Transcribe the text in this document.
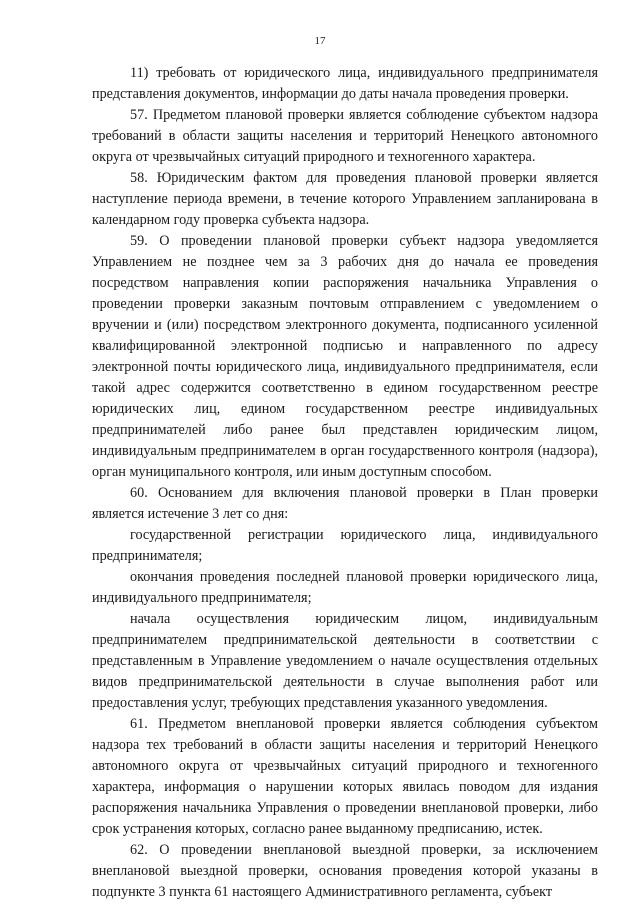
17

11) требовать от юридического лица, индивидуального предпринимателя представления документов, информации до даты начала проведения проверки.

57. Предметом плановой проверки является соблюдение субъектом надзора требований в области защиты населения и территорий Ненецкого автономного округа от чрезвычайных ситуаций природного и техногенного характера.

58. Юридическим фактом для проведения плановой проверки является наступление периода времени, в течение которого Управлением запланирована в календарном году проверка субъекта надзора.

59. О проведении плановой проверки субъект надзора уведомляется Управлением не позднее чем за 3 рабочих дня до начала ее проведения посредством направления копии распоряжения начальника Управления о проведении проверки заказным почтовым отправлением с уведомлением о вручении и (или) посредством электронного документа, подписанного усиленной квалифицированной электронной подписью и направленного по адресу электронной почты юридического лица, индивидуального предпринимателя, если такой адрес содержится соответственно в едином государственном реестре юридических лиц, едином государственном реестре индивидуальных предпринимателей либо ранее был представлен юридическим лицом, индивидуальным предпринимателем в орган государственного контроля (надзора), орган муниципального контроля, или иным доступным способом.

60. Основанием для включения плановой проверки в План проверки является истечение 3 лет со дня:

государственной регистрации юридического лица, индивидуального предпринимателя;

окончания проведения последней плановой проверки юридического лица, индивидуального предпринимателя;

начала осуществления юридическим лицом, индивидуальным предпринимателем предпринимательской деятельности в соответствии с представленным в Управление уведомлением о начале осуществления отдельных видов предпринимательской деятельности в случае выполнения работ или предоставления услуг, требующих представления указанного уведомления.

61. Предметом внеплановой проверки является соблюдения субъектом надзора тех требований в области защиты населения и территорий Ненецкого автономного округа от чрезвычайных ситуаций природного и техногенного характера, информация о нарушении которых явилась поводом для издания распоряжения начальника Управления о проведении внеплановой проверки, либо срок устранения которых, согласно ранее выданному предписанию, истек.

62. О проведении внеплановой выездной проверки, за исключением внеплановой выездной проверки, основания проведения которой указаны в подпункте 3 пункта 61 настоящего Административного регламента, субъект
